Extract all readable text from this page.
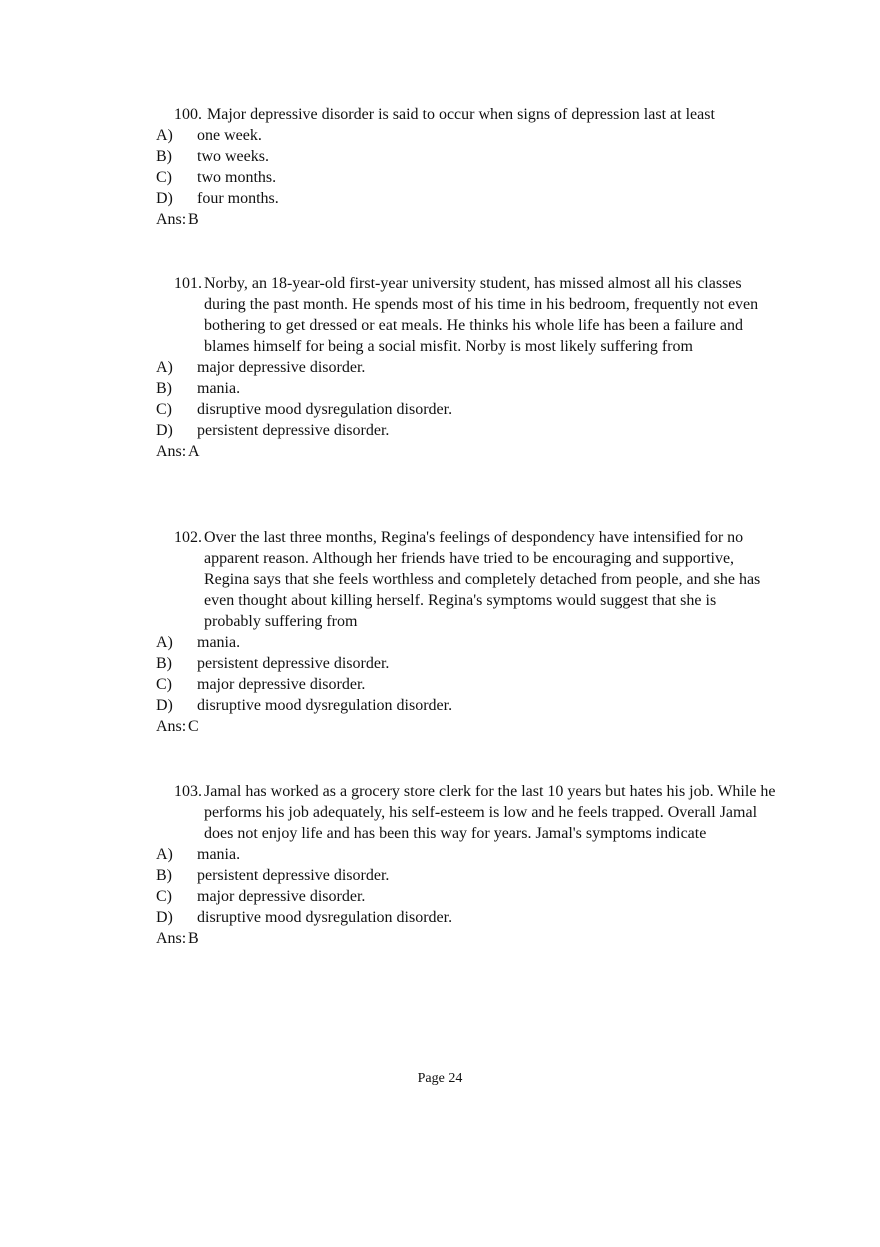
100. Major depressive disorder is said to occur when signs of depression last at least
A)	one week.
B)	two weeks.
C)	two months.
D)	four months.
Ans: B
101. Norby, an 18-year-old first-year university student, has missed almost all his classes during the past month. He spends most of his time in his bedroom, frequently not even bothering to get dressed or eat meals. He thinks his whole life has been a failure and blames himself for being a social misfit. Norby is most likely suffering from
A)	major depressive disorder.
B)	mania.
C)	disruptive mood dysregulation disorder.
D)	persistent depressive disorder.
Ans: A
102. Over the last three months, Regina's feelings of despondency have intensified for no apparent reason. Although her friends have tried to be encouraging and supportive, Regina says that she feels worthless and completely detached from people, and she has even thought about killing herself. Regina's symptoms would suggest that she is probably suffering from
A)	mania.
B)	persistent depressive disorder.
C)	major depressive disorder.
D)	disruptive mood dysregulation disorder.
Ans: C
103. Jamal has worked as a grocery store clerk for the last 10 years but hates his job. While he performs his job adequately, his self-esteem is low and he feels trapped. Overall Jamal does not enjoy life and has been this way for years. Jamal's symptoms indicate
A)	mania.
B)	persistent depressive disorder.
C)	major depressive disorder.
D)	disruptive mood dysregulation disorder.
Ans: B
Page 24
